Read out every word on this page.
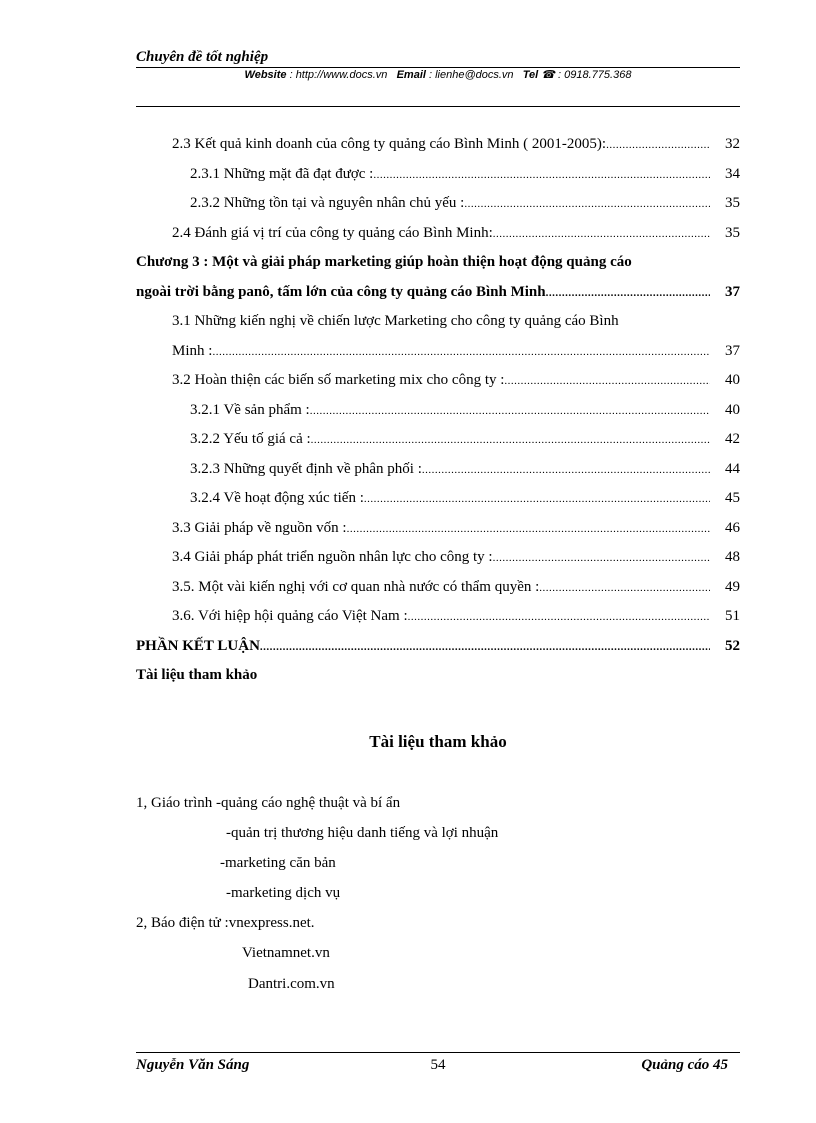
Chuyên đề tốt nghiệp
Website : http://www.docs.vn Email : lienhe@docs.vn Tel ☎ : 0918.775.368
2.3 Kết quả kinh doanh của công ty quảng cáo Bình Minh ( 2001-2005): .....	32
2.3.1 Những mặt đã đạt được : .....	34
2.3.2 Những tồn tại và nguyên nhân chủ yếu : .....	35
2.4 Đánh giá vị trí của công ty quảng cáo Bình Minh: .....	35
Chương 3 : Một và giải pháp marketing giúp hoàn thiện hoạt động quảng cáo
ngoài trời bằng panô, tấm lớn của công ty quảng cáo Bình Minh .....	37
3.1 Những kiến nghị về chiến lược Marketing cho công ty quảng cáo Bình
Minh : .....	37
3.2 Hoàn thiện các biến số marketing mix cho công ty : .....	40
3.2.1 Về sản phẩm : .....	40
3.2.2 Yếu tố giá cả : .....	42
3.2.3 Những quyết định về phân phối : .....	44
3.2.4 Về hoạt động xúc tiến : .....	45
3.3 Giải pháp về nguồn vốn : .....	46
3.4 Giải pháp phát triển nguồn nhân lực cho công ty : .....	48
3.5. Một vài kiến nghị với cơ quan nhà nước có thẩm quyền : .....	49
3.6. Với hiệp hội quảng cáo Việt Nam : .....	51
PHẦN KẾT LUẬN .....	52
Tài liệu tham khảo
Tài liệu tham khảo
1, Giáo trình -quảng cáo nghệ thuật và bí ẩn
-quản trị thương hiệu danh tiếng và lợi nhuận
-marketing căn bản
-marketing dịch vụ
2, Báo điện tử :vnexpress.net.
Vietnamnet.vn
Dantri.com.vn
Nguyễn Văn Sáng	54	Quảng cáo 45
